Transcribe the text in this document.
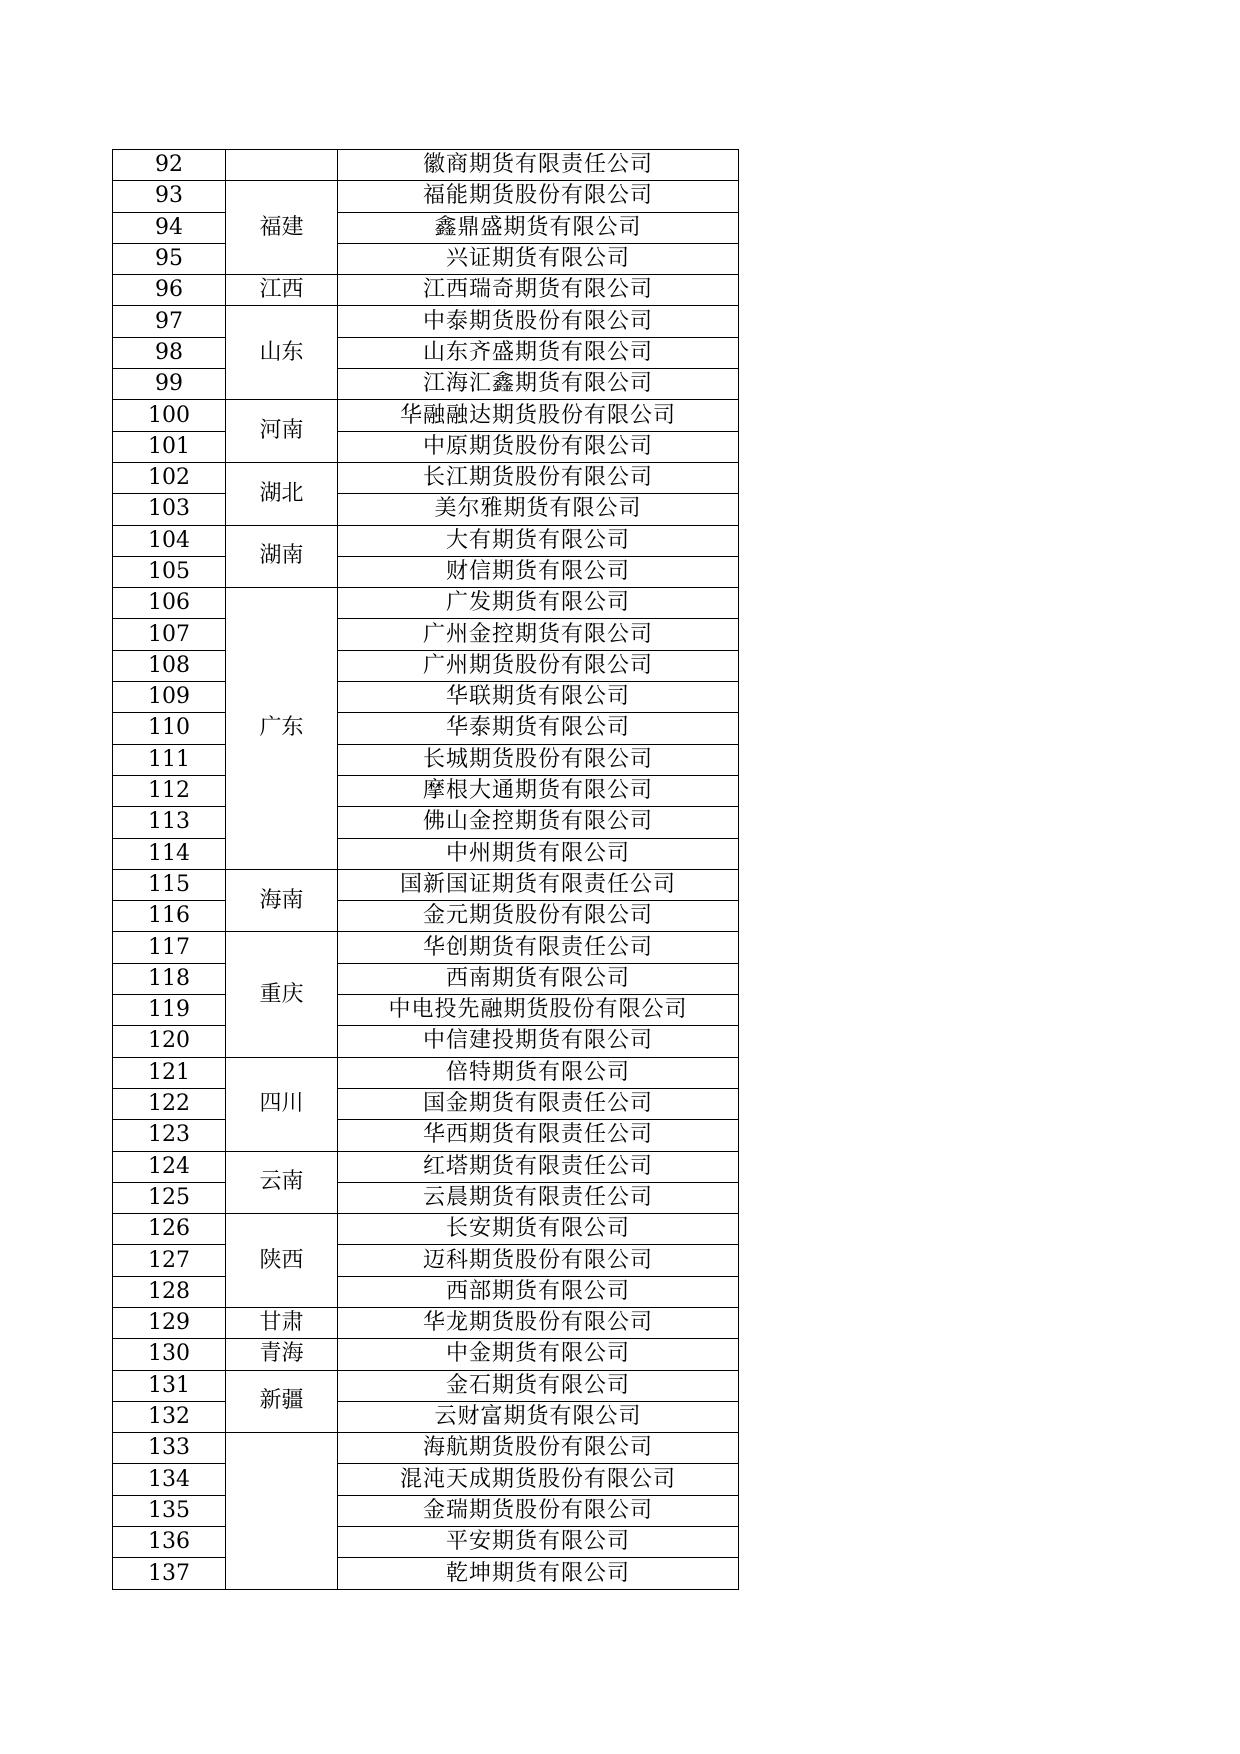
92		徽商期货有限责任公司
93	福建	福能期货股份有限公司
94		鑫鼎盛期货有限公司
95		兴证期货有限公司
96	江西	江西瑞奇期货有限公司
97	山东	中泰期货股份有限公司
98		山东齐盛期货有限公司
99		江海汇鑫期货有限公司
100	河南	华融融达期货股份有限公司
101		中原期货股份有限公司
102	湖北	长江期货股份有限公司
103		美尔雅期货有限公司
104	湖南	大有期货有限公司
105		财信期货有限公司
106	广东	广发期货有限公司
107		广州金控期货有限公司
108		广州期货股份有限公司
109		华联期货有限公司
110		华泰期货有限公司
111		长城期货股份有限公司
112		摩根大通期货有限公司
113		佛山金控期货有限公司
114		中州期货有限公司
115	海南	国新国证期货有限责任公司
116		金元期货股份有限公司
117	重庆	华创期货有限责任公司
118		西南期货有限公司
119		中电投先融期货股份有限公司
120		中信建投期货有限公司
121	四川	倍特期货有限公司
122		国金期货有限责任公司
123		华西期货有限责任公司
124	云南	红塔期货有限责任公司
125		云晨期货有限责任公司
126	陕西	长安期货有限公司
127		迈科期货股份有限公司
128		西部期货有限公司
129	甘肃	华龙期货股份有限公司
130	青海	中金期货有限公司
131	新疆	金石期货有限公司
132		云财富期货有限公司
133		海航期货股份有限公司
134		混沌天成期货股份有限公司
135		金瑞期货股份有限公司
136		平安期货有限公司
137		乾坤期货有限公司
